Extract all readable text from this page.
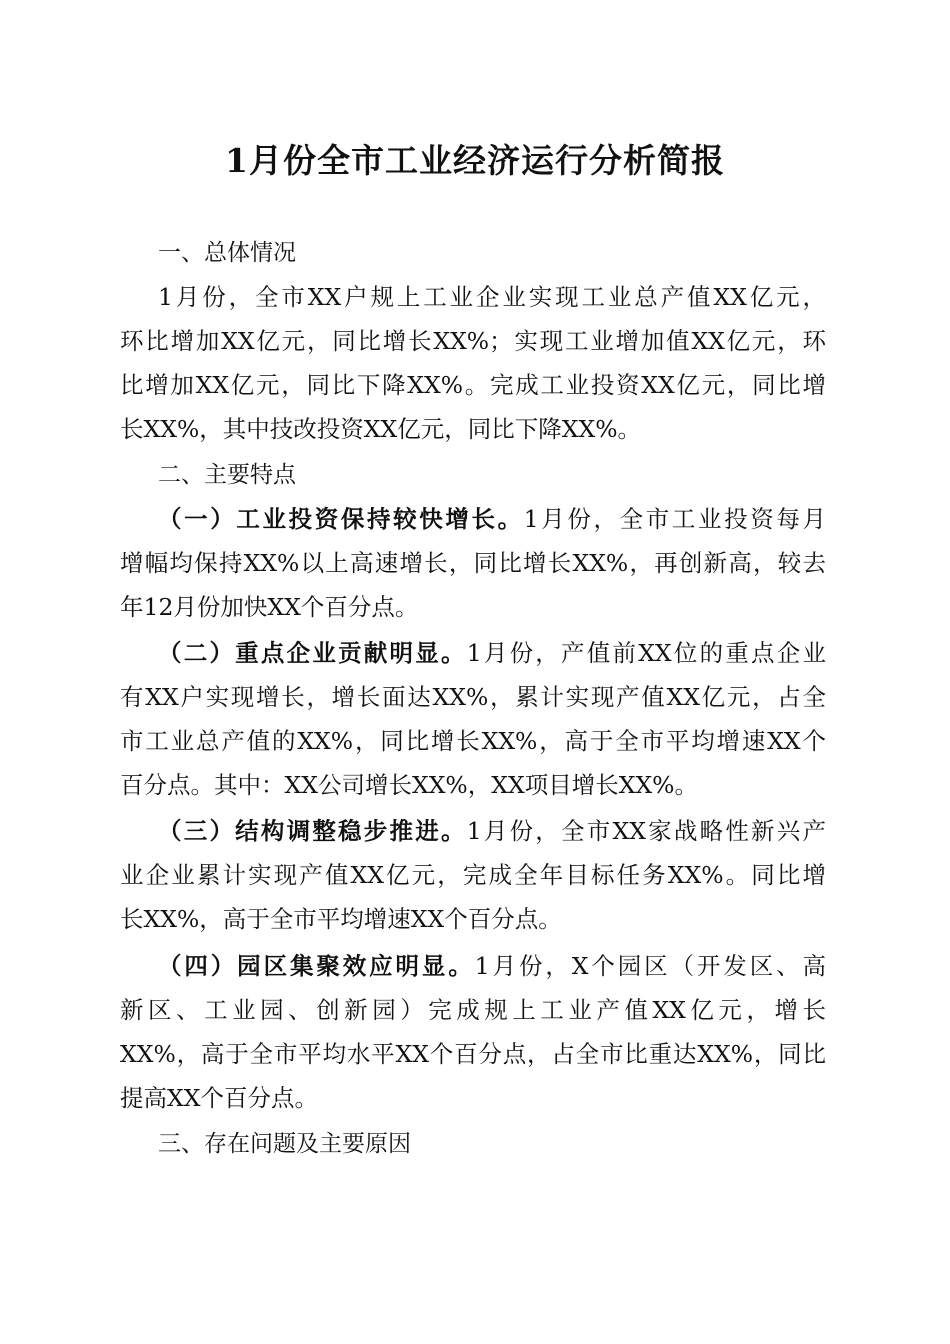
1月份全市工业经济运行分析简报
一、总体情况
1月份，全市XX户规上工业企业实现工业总产值XX亿元，
环比增加XX亿元，同比增长XX%；实现工业增加值XX亿元，环
比增加XX亿元，同比下降XX%。完成工业投资XX亿元，同比增
长XX%，其中技改投资XX亿元，同比下降XX%。
二、主要特点
（一）工业投资保持较快增长。1月份，全市工业投资每月
增幅均保持XX%以上高速增长，同比增长XX%，再创新高，较去
年12月份加快XX个百分点。
（二）重点企业贡献明显。1月份，产值前XX位的重点企业
有XX户实现增长，增长面达XX%，累计实现产值XX亿元，占全
市工业总产值的XX%，同比增长XX%，高于全市平均增速XX个
百分点。其中：XX公司增长XX%，XX项目增长XX%。
（三）结构调整稳步推进。1月份，全市XX家战略性新兴产
业企业累计实现产值XX亿元，完成全年目标任务XX%。同比增
长XX%，高于全市平均增速XX个百分点。
（四）园区集聚效应明显。1月份，X个园区（开发区、高
新区、工业园、创新园）完成规上工业产值XX亿元，增长
XX%，高于全市平均水平XX个百分点，占全市比重达XX%，同比
提高XX个百分点。
三、存在问题及主要原因
